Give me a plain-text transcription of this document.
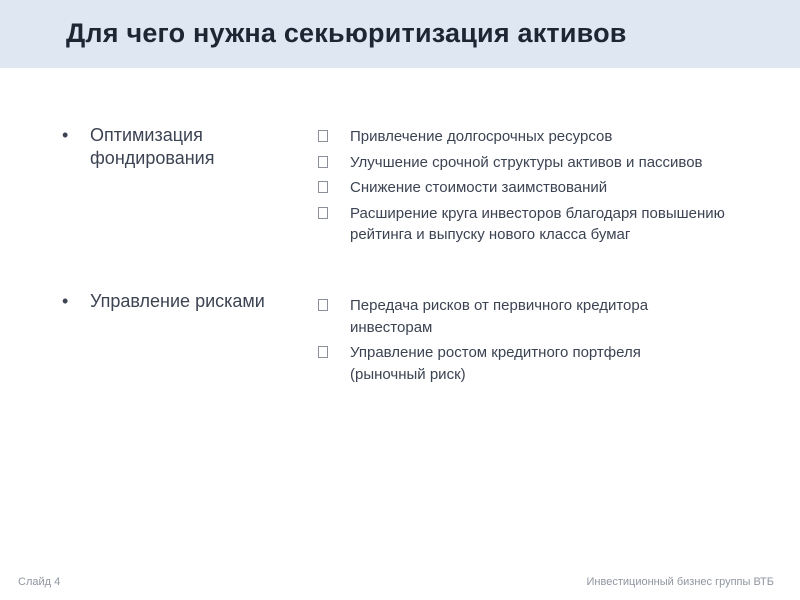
Для чего нужна секьюритизация активов
•	Оптимизация фондирования
Привлечение долгосрочных ресурсов
Улучшение срочной структуры активов и пассивов
Снижение стоимости заимствований
Расширение круга инвесторов благодаря повышению рейтинга и выпуску нового класса бумаг
•	Управление рисками	Передача рисков от первичного кредитора инвесторам
Управление ростом кредитного портфеля (рыночный риск)
Слайд 4	Инвестиционный бизнес группы ВТБ
